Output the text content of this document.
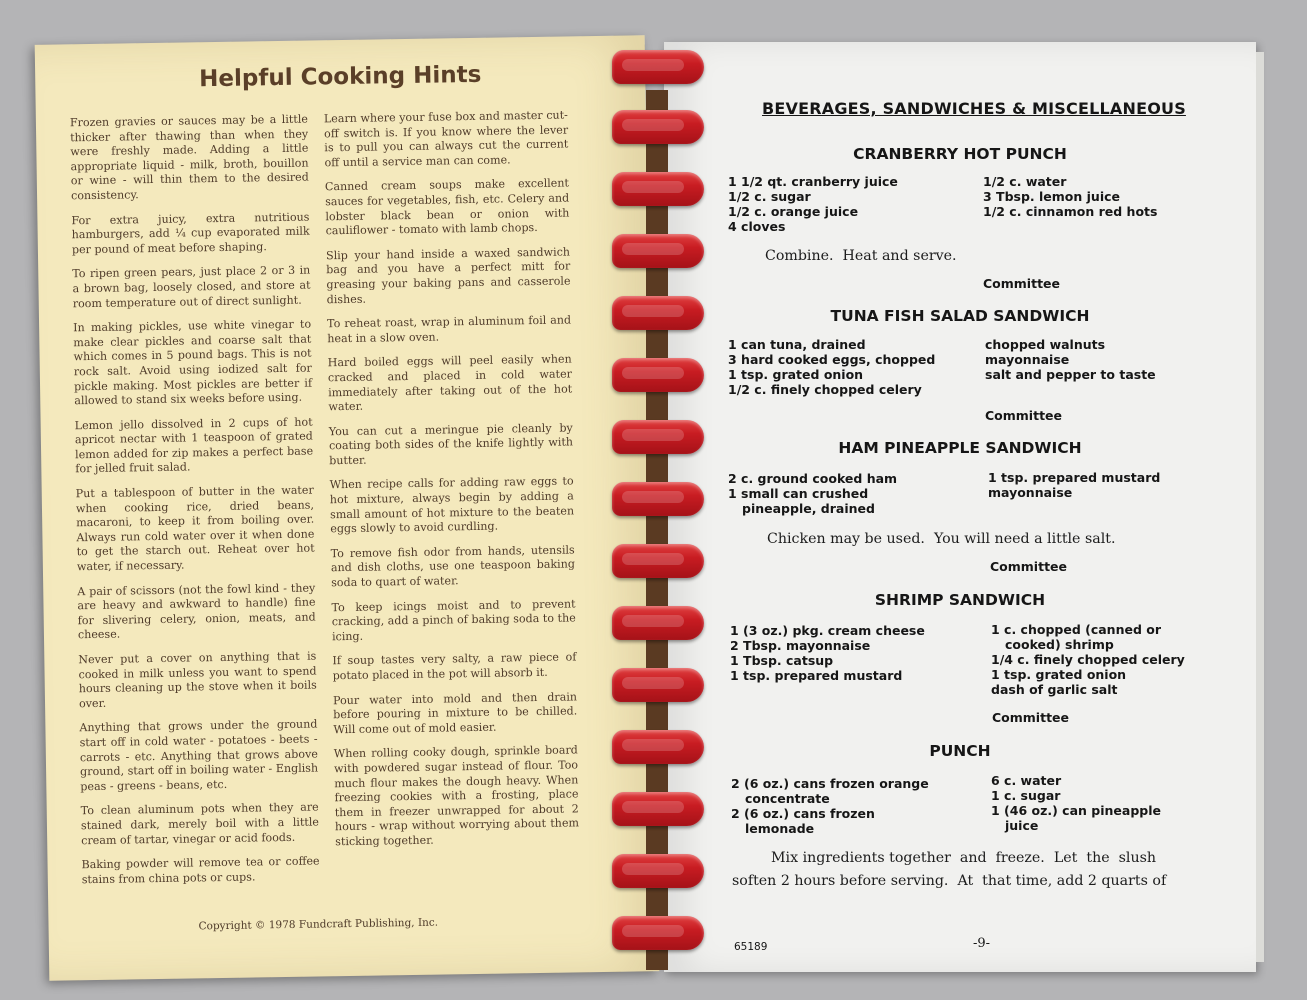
Helpful Cooking Hints

Frozen gravies or sauces may be a little thicker after thawing than when they were freshly made. Adding a little appropriate liquid - milk, broth, bouillon or wine - will thin them to the desired consistency.

For extra juicy, extra nutritious hamburgers, add ¼ cup evaporated milk per pound of meat before shaping.

To ripen green pears, just place 2 or 3 in a brown bag, loosely closed, and store at room temperature out of direct sunlight.

In making pickles, use white vinegar to make clear pickles and coarse salt that which comes in 5 pound bags. This is not rock salt. Avoid using iodized salt for pickle making. Most pickles are better if allowed to stand six weeks before using.

Lemon jello dissolved in 2 cups of hot apricot nectar with 1 teaspoon of grated lemon added for zip makes a perfect base for jelled fruit salad.

Put a tablespoon of butter in the water when cooking rice, dried beans, macaroni, to keep it from boiling over. Always run cold water over it when done to get the starch out. Reheat over hot water, if necessary.

A pair of scissors (not the fowl kind - they are heavy and awkward to handle) fine for slivering celery, onion, meats, and cheese.

Never put a cover on anything that is cooked in milk unless you want to spend hours cleaning up the stove when it boils over.

Anything that grows under the ground start off in cold water - potatoes - beets - carrots - etc. Anything that grows above ground, start off in boiling water - English peas - greens - beans, etc.

To clean aluminum pots when they are stained dark, merely boil with a little cream of tartar, vinegar or acid foods.

Baking powder will remove tea or coffee stains from china pots or cups.

Learn where your fuse box and master cut-off switch is. If you know where the lever is to pull you can always cut the current off until a service man can come.

Canned cream soups make excellent sauces for vegetables, fish, etc. Celery and lobster black bean or onion with cauliflower - tomato with lamb chops.

Slip your hand inside a waxed sandwich bag and you have a perfect mitt for greasing your baking pans and casserole dishes.

To reheat roast, wrap in aluminum foil and heat in a slow oven.

Hard boiled eggs will peel easily when cracked and placed in cold water immediately after taking out of the hot water.

You can cut a meringue pie cleanly by coating both sides of the knife lightly with butter.

When recipe calls for adding raw eggs to hot mixture, always begin by adding a small amount of hot mixture to the beaten eggs slowly to avoid curdling.

To remove fish odor from hands, utensils and dish cloths, use one teaspoon baking soda to quart of water.

To keep icings moist and to prevent cracking, add a pinch of baking soda to the icing.

If soup tastes very salty, a raw piece of potato placed in the pot will absorb it.

Pour water into mold and then drain before pouring in mixture to be chilled. Will come out of mold easier.

When rolling cooky dough, sprinkle board with powdered sugar instead of flour. Too much flour makes the dough heavy. When freezing cookies with a frosting, place them in freezer unwrapped for about 2 hours - wrap without worrying about them sticking together.

Copyright © 1978 Fundcraft Publishing, Inc.
BEVERAGES, SANDWICHES & MISCELLANEOUS
CRANBERRY HOT PUNCH
1 1/2 qt. cranberry juice
1/2 c. sugar
1/2 c. orange juice
4 cloves
1/2 c. water
3 Tbsp. lemon juice
1/2 c. cinnamon red hots
Combine.  Heat and serve.
Committee
TUNA FISH SALAD SANDWICH
1 can tuna, drained
3 hard cooked eggs, chopped
1 tsp. grated onion
1/2 c. finely chopped celery
chopped walnuts
mayonnaise
salt and pepper to taste
Committee
HAM PINEAPPLE SANDWICH
2 c. ground cooked ham
1 small can crushed
pineapple, drained
1 tsp. prepared mustard
mayonnaise
Chicken may be used.  You will need a little salt.
Committee
SHRIMP SANDWICH
1 (3 oz.) pkg. cream cheese
2 Tbsp. mayonnaise
1 Tbsp. catsup
1 tsp. prepared mustard
1 c. chopped (canned or
cooked) shrimp
1/4 c. finely chopped celery
1 tsp. grated onion
dash of garlic salt
Committee
PUNCH
2 (6 oz.) cans frozen orange
concentrate
2 (6 oz.) cans frozen
lemonade
6 c. water
1 c. sugar
1 (46 oz.) can pineapple
juice
Mix ingredients together  and  freeze.  Let  the  slush
soften 2 hours before serving.  At  that time, add 2 quarts of
65189	-9-
